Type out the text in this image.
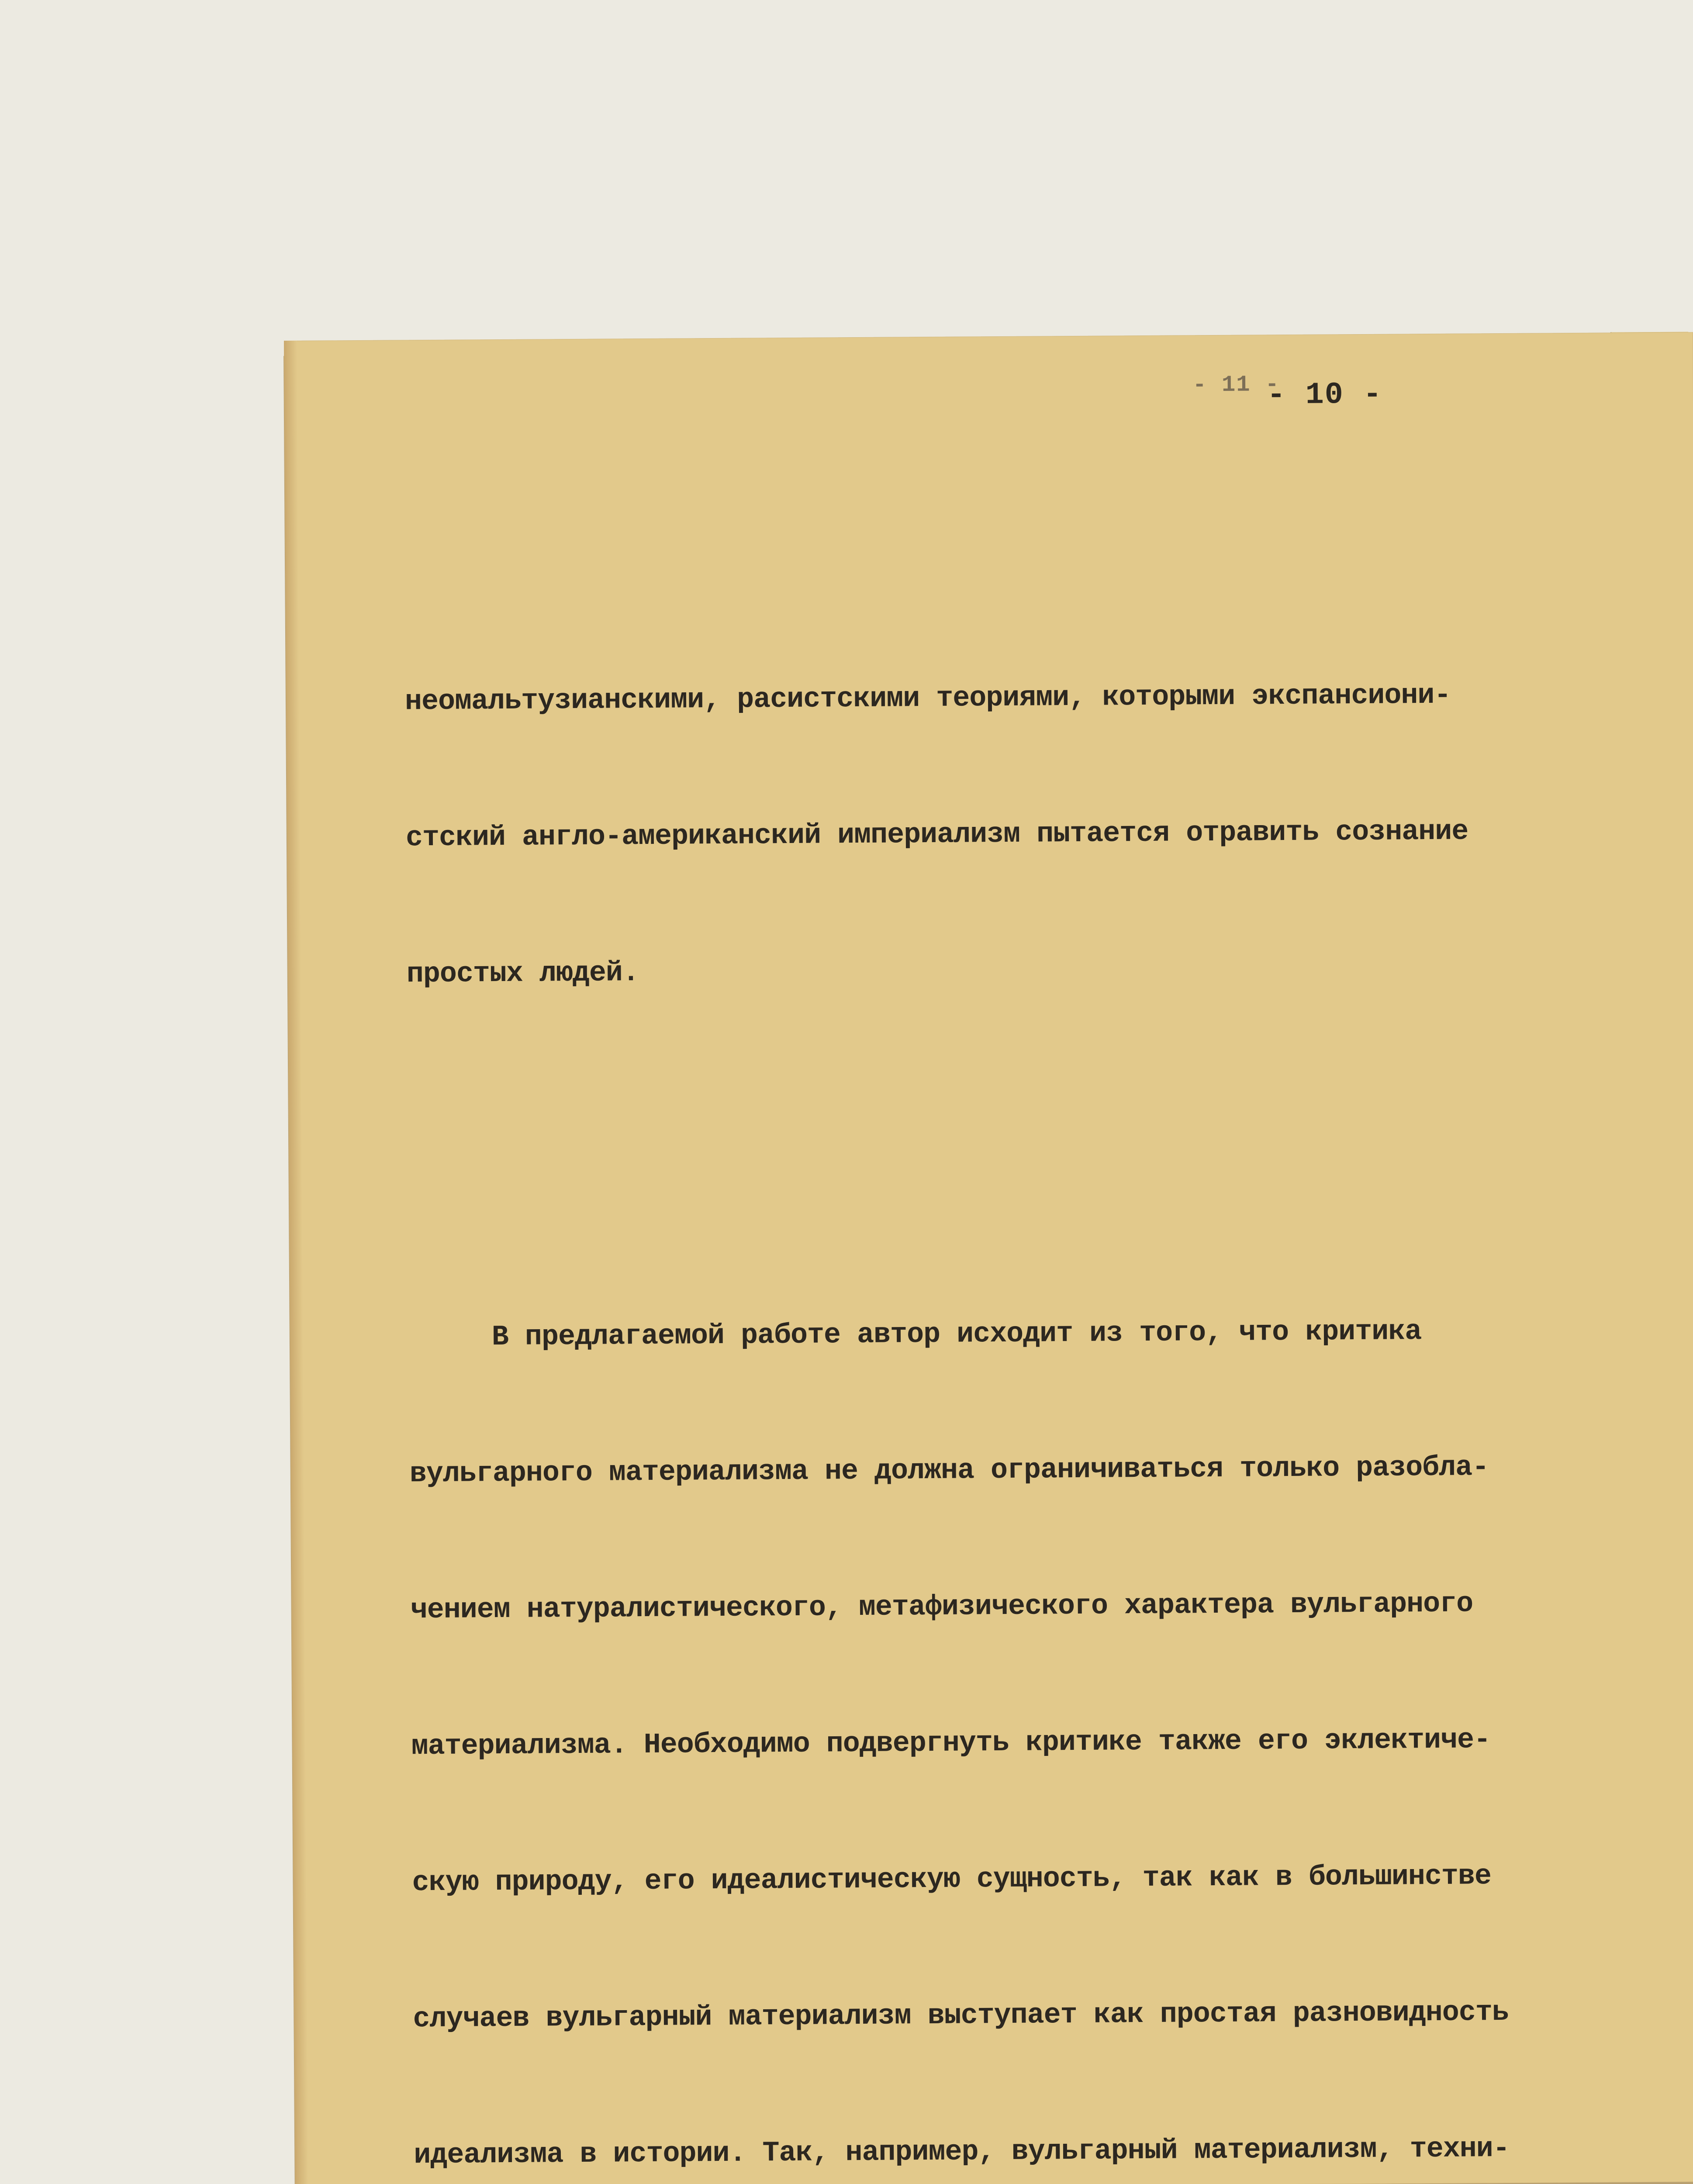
- 11 -
- 10 -

неомальтузианскими, расистскими теориями, которыми экспансиони-

стский англо-американский империализм пытается отравить сознание

простых людей.

В предлагаемой работе автор исходит из того, что критика

вульгарного материализма не должна ограничиваться только разобла-

чением натуралистического, метафизического характера вульгарного

материализма. Необходимо подвергнуть критике также его эклектиче-

скую природу, его идеалистическую сущность, так как в большинстве

случаев вульгарный материализм выступает как простая разновидность

идеализма в истории. Так, например, вульгарный материализм, техни-
